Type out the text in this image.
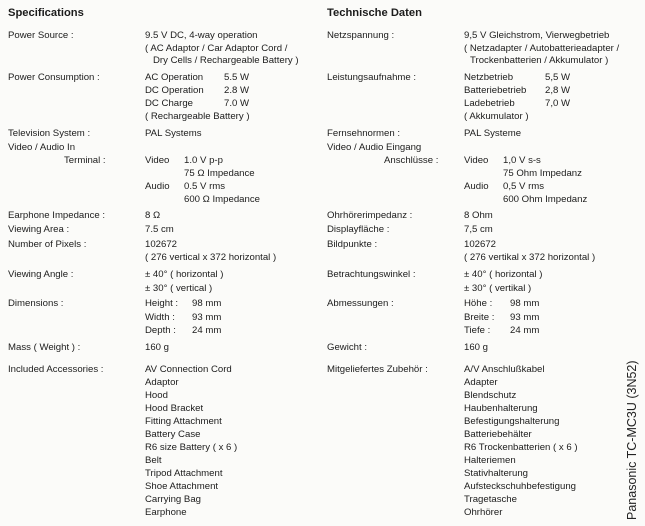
Specifications
Power Source :	9.5 V DC, 4-way operation
( AC Adaptor / Car Adaptor Cord /
Dry Cells / Rechargeable Battery )
Power Consumption :	AC Operation 5.5 W
DC Operation 2.8 W
DC Charge	7.0 W
( Rechargeable Battery )
Television System :	PAL Systems
Video / Audio In
Terminal :	Video 1.0 V p-p
75 Ω Impedance
Audio 0.5 V rms
600 Ω Impedance
Earphone Impedance :	8 Ω
Viewing Area :	7.5 cm
Number of Pixels :	102672
( 276 vertical x 372 horizontal )
Viewing Angle :	± 40° ( horizontal )
± 30° ( vertical )
Dimensions :	Height : 98 mm
Width : 93 mm
Depth : 24 mm
Mass ( Weight ) :	160 g
Included Accessories :	AV Connection Cord
Adaptor
Hood
Hood Bracket
Fitting Attachment
Battery Case
R6 size Battery ( x 6 )
Belt
Tripod Attachment
Shoe Attachment
Carrying Bag
Earphone
Technische Daten
Netzspannung :	9,5 V Gleichstrom, Vierwegbetrieb
( Netzadapter / Autobatterieadapter /
Trockenbatterien / Akkumulator )
Leistungsaufnahme :	Netzbetrieb	5,5 W
Batteriebetrieb 2,8 W
Ladebetrieb	7,0 W
( Akkumulator )
Fernsehnormen :	PAL Systeme
Video / Audio Eingang
Anschlüsse :	Video 1,0 V s-s
75 Ohm Impedanz
Audio 0,5 V rms
600 Ohm Impedanz
Ohrhörerimpedanz :	8 Ohm
Displayfläche :	7,5 cm
Bildpunkte :	102672
( 276 vertikal x 372 horizontal )
Betrachtungswinkel :	± 40° ( horizontal )
± 30° ( vertikal )
Abmessungen :	Höhe : 98 mm
Breite : 93 mm
Tiefe : 24 mm
Gewicht :	160 g
Mitgeliefertes Zubehör :	A/V Anschlußkabel
Adapter
Blendschutz
Haubenhalterung
Befestigungshalterung
Batteriebehälter
R6 Trockenbatterien ( x 6 )
Halteriemen
Stativhalterung
Aufsteckschuhbefestigung
Tragetasche
Ohrhörer	Panasonic TC-MC3U (3N52)
